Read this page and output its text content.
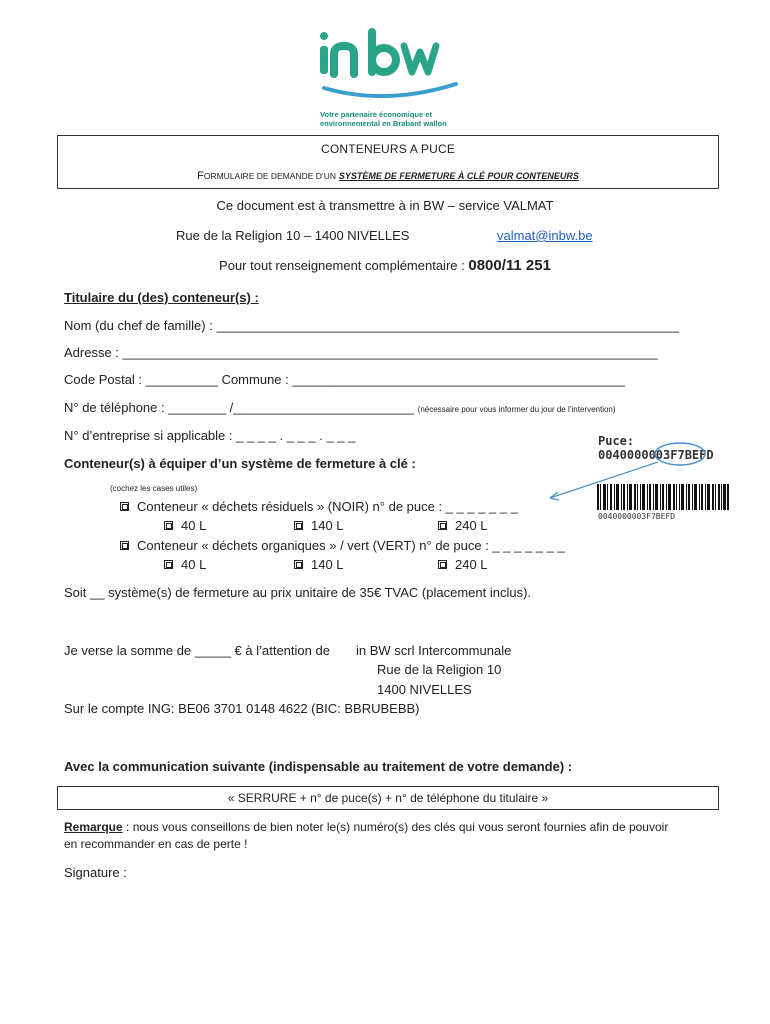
Votre partenaire économique et
environnemental en Brabant wallon
CONTENEURS A PUCE
FORMULAIRE DE DEMANDE D’UN SYSTÈME DE FERMETURE À CLÉ POUR CONTENEURS
Ce document est à transmettre à in BW – service VALMAT
Rue de la Religion 10 – 1400 NIVELLES	valmat@inbw.be
Pour tout renseignement complémentaire : 0800/11 251
Titulaire du (des) conteneur(s) :
Nom (du chef de famille) : ________________________________________________________________
Adresse : __________________________________________________________________________
Code Postal : __________ Commune : ______________________________________________
N° de téléphone : ________ /_________________________ (nécessaire pour vous informer du jour de l’intervention)
N° d’entreprise si applicable : _ _ _ _ . _ _ _ . _ _ _	Puce:
0040000003F7BEFD
0040000003F7BEFD
Conteneur(s) à équiper d’un système de fermeture à clé :
(cochez les cases utiles)
Conteneur « déchets résiduels » (NOIR) n° de puce : _ _ _ _ _ _ _
40 L	140 L	240 L
Conteneur « déchets organiques » / vert (VERT) n° de puce : _ _ _ _ _ _ _
40 L	140 L	240 L
Soit __ système(s) de fermeture au prix unitaire de 35€ TVAC (placement inclus).
Je verse la somme de _____ € à l’attention de in BW scrl Intercommunale
Rue de la Religion 10
1400 NIVELLES
Sur le compte ING: BE06 3701 0148 4622 (BIC: BBRUBEBB)
Avec la communication suivante (indispensable au traitement de votre demande) :
« SERRURE + n° de puce(s) + n° de téléphone du titulaire »
Remarque : nous vous conseillons de bien noter le(s) numéro(s) des clés qui vous seront fournies afin de pouvoir
en recommander en cas de perte !
Signature :
